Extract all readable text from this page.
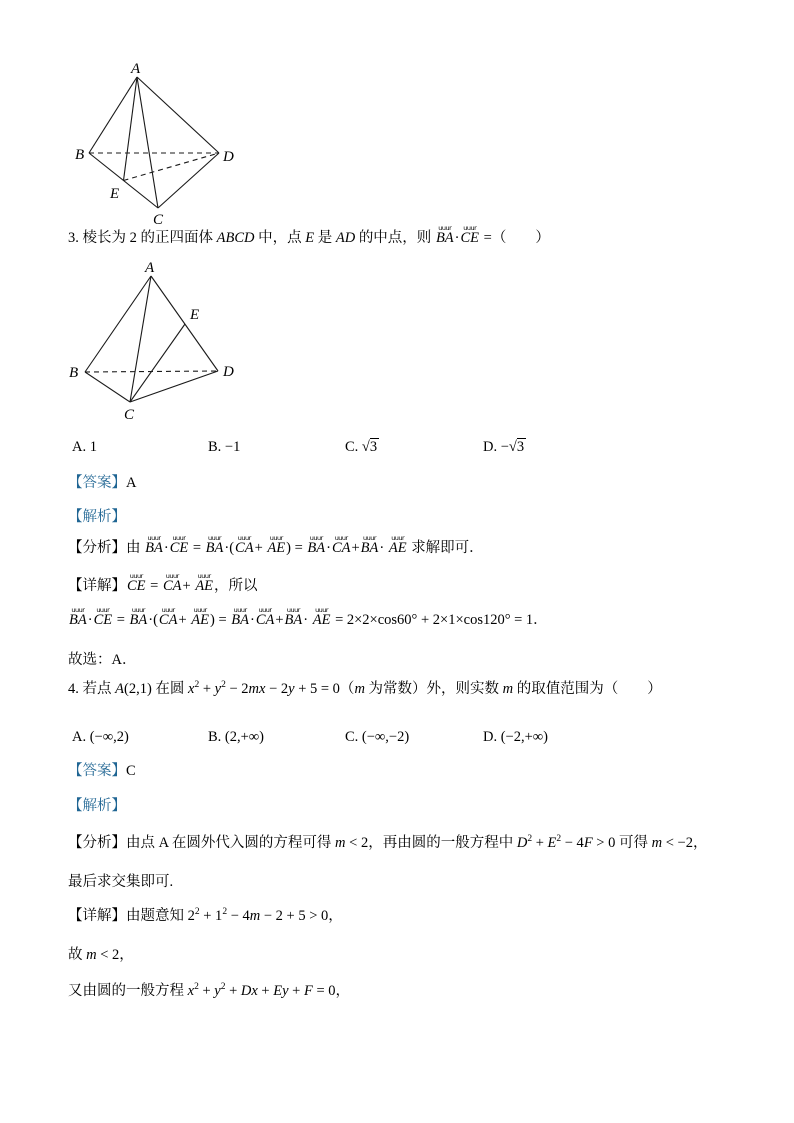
A
B	D
E
C
3. 棱长为 2 的正四面体 ABCD 中，点 E 是 AD 的中点，则
uuur
BA ·
uuur
CE =（　　）
A
E
B	D
C
A. 1	B. −1	C. √3	D. −√3
【答案】A
【解析】
【分析】由
uuur
BA ·
uuur
CE =
uuur
BA ·(
uuur
CA +
uuur
AE ) =
uuur
BA ·
uuur
CA +
uuur
BA ·
uuur
AE 求解即可．
【详解】
uuur
CE =
uuur
CA +
uuur
AE ，所以
uuur
BA ·
uuur
CE =
uuur
BA ·(
uuur
CA +
uuur
AE ) =
uuur
BA ·
uuur
CA +
uuur
BA ·
uuur
AE = 2×2×cos60° + 2×1×cos120° = 1．
故选：A．
4. 若点 A(2,1) 在圆 $x^2 + y^2 - 2mx - 2y + 5 = 0(m$ 为常数）外，则实数 m 的取值范围为（　　）
A. (−∞,2)	B. (2,+∞)	C. (−∞,−2)	D. (−2,+∞)
【答案】C
【解析】
【分析】由点 A 在圆外代入圆的方程可得 m < 2，再由圆的一般方程中 $D^2 + E^2 - 4F > 0$ 可得 m < −2，
最后求交集即可.
【详解】由题意知 $2^2 + 1^2 - 4m - 2 + 5 > 0$，
故 m < 2，
又由圆的一般方程 $x^2 + y^2 + Dx + Ey + F = 0$，
